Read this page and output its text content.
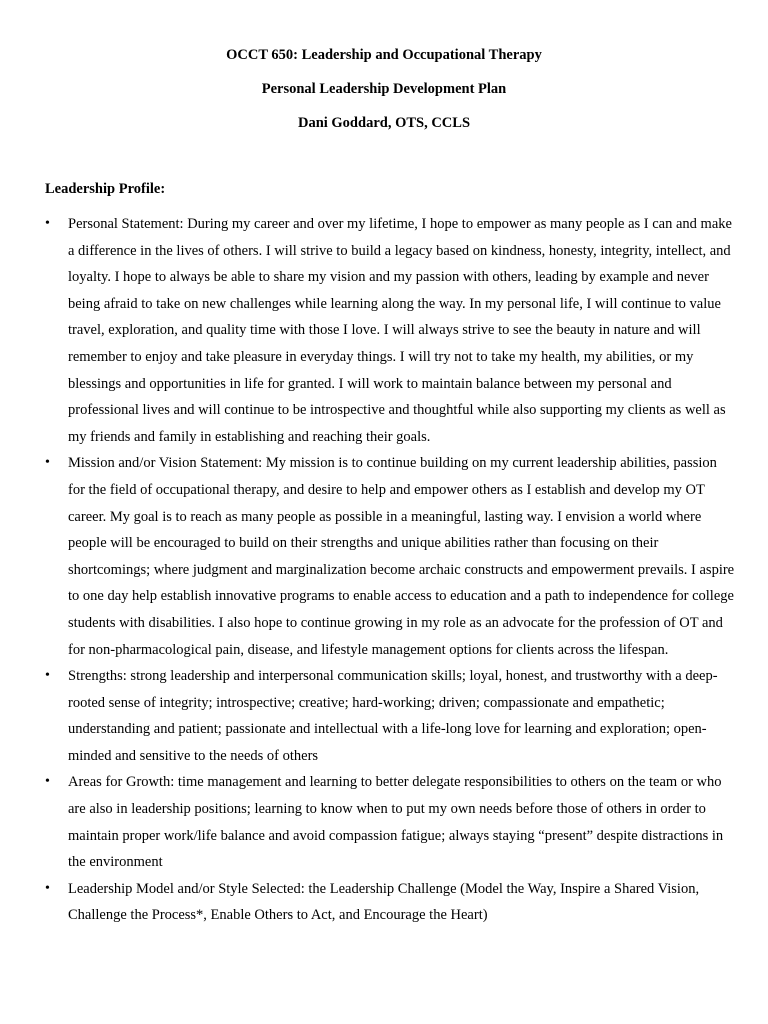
OCCT 650: Leadership and Occupational Therapy
Personal Leadership Development Plan
Dani Goddard, OTS, CCLS
Leadership Profile:
•	Personal Statement: During my career and over my lifetime, I hope to empower as many people as I can and make a difference in the lives of others. I will strive to build a legacy based on kindness, honesty, integrity, intellect, and loyalty. I hope to always be able to share my vision and my passion with others, leading by example and never being afraid to take on new challenges while learning along the way. In my personal life, I will continue to value travel, exploration, and quality time with those I love. I will always strive to see the beauty in nature and will remember to enjoy and take pleasure in everyday things. I will try not to take my health, my abilities, or my blessings and opportunities in life for granted. I will work to maintain balance between my personal and professional lives and will continue to be introspective and thoughtful while also supporting my clients as well as my friends and family in establishing and reaching their goals.
•	Mission and/or Vision Statement: My mission is to continue building on my current leadership abilities, passion for the field of occupational therapy, and desire to help and empower others as I establish and develop my OT career. My goal is to reach as many people as possible in a meaningful, lasting way. I envision a world where people will be encouraged to build on their strengths and unique abilities rather than focusing on their shortcomings; where judgment and marginalization become archaic constructs and empowerment prevails. I aspire to one day help establish innovative programs to enable access to education and a path to independence for college students with disabilities. I also hope to continue growing in my role as an advocate for the profession of OT and for non-pharmacological pain, disease, and lifestyle management options for clients across the lifespan.
•	Strengths: strong leadership and interpersonal communication skills; loyal, honest, and trustworthy with a deep-rooted sense of integrity; introspective; creative; hard-working; driven; compassionate and empathetic; understanding and patient; passionate and intellectual with a life-long love for learning and exploration; open-minded and sensitive to the needs of others
•	Areas for Growth: time management and learning to better delegate responsibilities to others on the team or who are also in leadership positions; learning to know when to put my own needs before those of others in order to maintain proper work/life balance and avoid compassion fatigue; always staying “present” despite distractions in the environment
•	Leadership Model and/or Style Selected: the Leadership Challenge (Model the Way, Inspire a Shared Vision, Challenge the Process*, Enable Others to Act, and Encourage the Heart)
